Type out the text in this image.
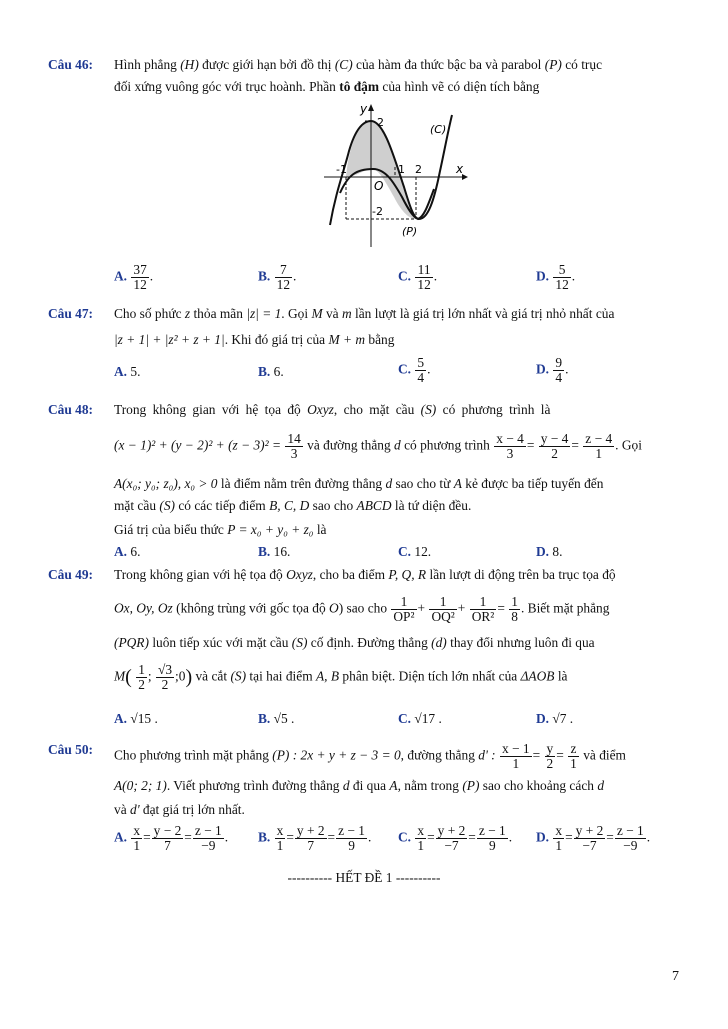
Câu 46: Hình phẳng (H) được giới hạn bởi đồ thị (C) của hàm đa thức bậc ba và parabol (P) có trục
đối xứng vuông góc với trục hoành. Phần tô đậm của hình vẽ có diện tích bằng
y
x
2
O
-1	1 2
-2
(C)
(P)
A. $\frac{37}{12}$ .	B. $\frac{7}{12}$ .	C. $\frac{11}{12}$ .	D. $\frac{5}{12}$ .
Câu 47: Cho số phức z thỏa mãn |z| = 1. Gọi M và m lần lượt là giá trị lớn nhất và giá trị nhỏ nhất của
|z + 1| + |z² + z + 1|. Khi đó giá trị của M + m bằng
A. 5.	B. 6.	C. $\frac{5}{4}$ .	D. $\frac{9}{4}$ .
Câu 48: Trong không gian với hệ tọa độ Oxyz, cho mặt cầu (S) có phương trình là
$(x - 1)^2 + (y - 2)^2 + (z - 3)^2 = \frac{14}{3}$ và đường thẳng d có phương trình $\frac{x - 4}{3} = \frac{y - 4}{2} = \frac{z - 4}{1}$ . Gọi
A(x₀; y₀; z₀), x₀ > 0 là điểm nằm trên đường thẳng d sao cho từ A kẻ được ba tiếp tuyến đến
mặt cầu (S) có các tiếp điểm B, C, D sao cho ABCD là tứ diện đều.
Giá trị của biểu thức P = x₀ + y₀ + z₀ là
A. 6.	B. 16.	C. 12.	D. 8.
Câu 49: Trong không gian với hệ tọa độ Oxyz, cho ba điểm P, Q, R lần lượt di động trên ba trục tọa độ
Ox, Oy, Oz (không trùng với gốc tọa độ O) sao cho $\frac{1}{\text{OP²}} + \frac{1}{\text{OQ²}} + \frac{1}{\text{OR²}} = \frac{1}{8}$ . Biết mặt phẳng
(PQR) luôn tiếp xúc với mặt cầu (S) cố định. Đường thẳng (d) thay đổi nhưng luôn đi qua
$M( \frac{1}{2}$ ; $\frac{√3}{2}$ ;0) và cắt (S) tại hai điểm A, B phân biệt. Diện tích lớn nhất của ΔAOB là
A. √15 .	B. √5 .	C. √17 .	D. √7 .
Câu 50: Cho phương trình mặt phẳng (P) : 2x + y + z − 3 = 0, đường thẳng d' : $\frac{x - 1}{1} = \frac{y}{2} = \frac{z}{1}$ và điểm
A(0; 2; 1). Viết phương trình đường thẳng d đi qua A, nằm trong (P) sao cho khoảng cách d
và d' đạt giá trị lớn nhất.
A. $\frac{x}{1} = \frac{y - 2}{7} = \frac{z - 1}{-9}$ . B. $\frac{x}{1} = \frac{y + 2}{7} = \frac{z - 1}{9}$ . C. $\frac{x}{1} = \frac{y + 2}{-7} = \frac{z - 1}{9}$ . D. $\frac{x}{1} = \frac{y + 2}{-7} = \frac{z - 1}{-9}$ .
---------- HẾT ĐỀ 1 ----------
7
